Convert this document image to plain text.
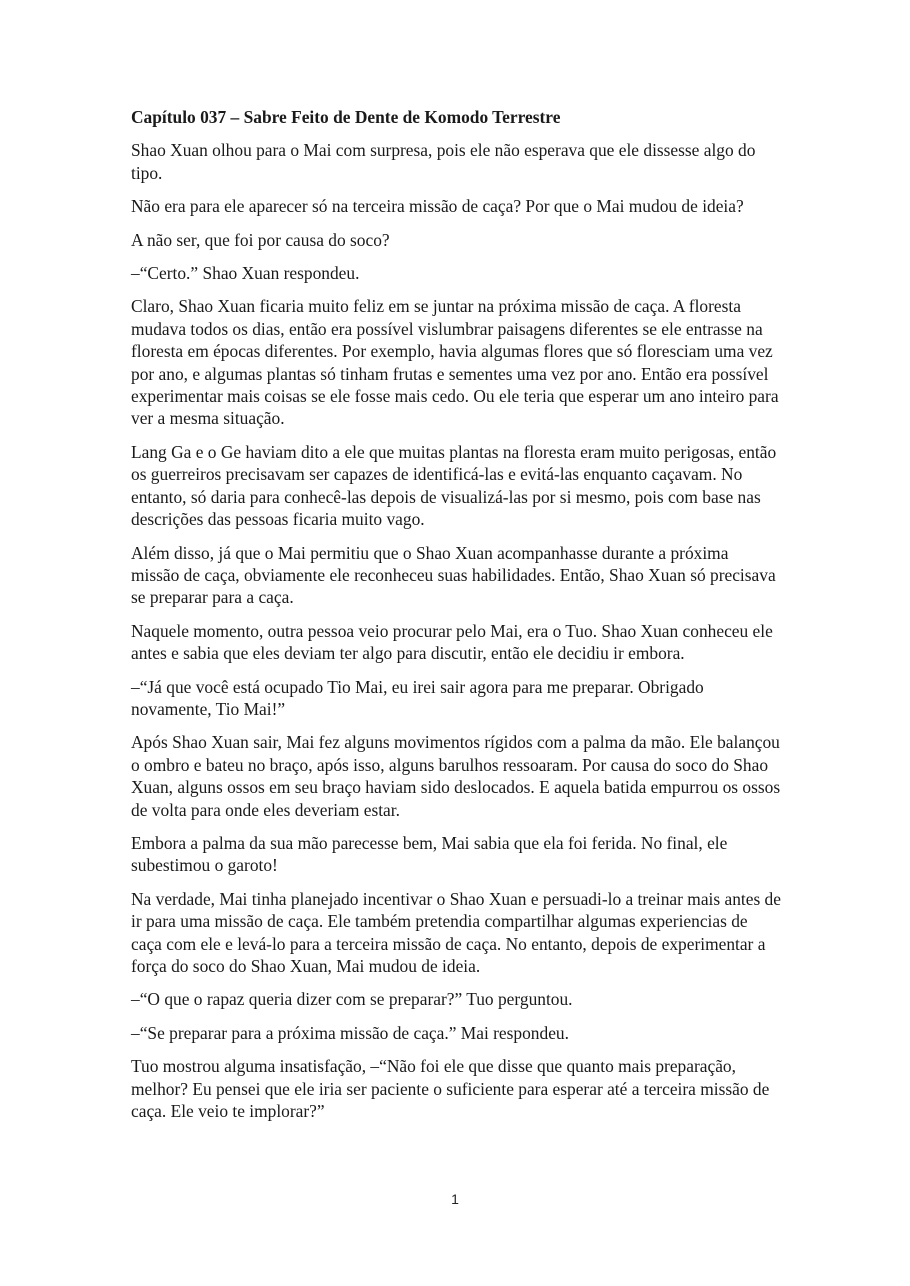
Capítulo 037 – Sabre Feito de Dente de Komodo Terrestre

Shao Xuan olhou para o Mai com surpresa, pois ele não esperava que ele dissesse algo do tipo.

Não era para ele aparecer só na terceira missão de caça? Por que o Mai mudou de ideia?

A não ser, que foi por causa do soco?

–“Certo.” Shao Xuan respondeu.

Claro, Shao Xuan ficaria muito feliz em se juntar na próxima missão de caça. A floresta mudava todos os dias, então era possível vislumbrar paisagens diferentes se ele entrasse na floresta em épocas diferentes. Por exemplo, havia algumas flores que só floresciam uma vez por ano, e algumas plantas só tinham frutas e sementes uma vez por ano. Então era possível experimentar mais coisas se ele fosse mais cedo. Ou ele teria que esperar um ano inteiro para ver a mesma situação.

Lang Ga e o Ge haviam dito a ele que muitas plantas na floresta eram muito perigosas, então os guerreiros precisavam ser capazes de identificá-las e evitá-las enquanto caçavam. No entanto, só daria para conhecê-las depois de visualizá-las por si mesmo, pois com base nas descrições das pessoas ficaria muito vago.

Além disso, já que o Mai permitiu que o Shao Xuan acompanhasse durante a próxima missão de caça, obviamente ele reconheceu suas habilidades. Então, Shao Xuan só precisava se preparar para a caça.

Naquele momento, outra pessoa veio procurar pelo Mai, era o Tuo. Shao Xuan conheceu ele antes e sabia que eles deviam ter algo para discutir, então ele decidiu ir embora.

–“Já que você está ocupado Tio Mai, eu irei sair agora para me preparar. Obrigado novamente, Tio Mai!”

Após Shao Xuan sair, Mai fez alguns movimentos rígidos com a palma da mão. Ele balançou o ombro e bateu no braço, após isso, alguns barulhos ressoaram. Por causa do soco do Shao Xuan, alguns ossos em seu braço haviam sido deslocados. E aquela batida empurrou os ossos de volta para onde eles deveriam estar.

Embora a palma da sua mão parecesse bem, Mai sabia que ela foi ferida. No final, ele subestimou o garoto!

Na verdade, Mai tinha planejado incentivar o Shao Xuan e persuadi-lo a treinar mais antes de ir para uma missão de caça. Ele também pretendia compartilhar algumas experiencias de caça com ele e levá-lo para a terceira missão de caça. No entanto, depois de experimentar a força do soco do Shao Xuan, Mai mudou de ideia.

–“O que o rapaz queria dizer com se preparar?” Tuo perguntou.

–“Se preparar para a próxima missão de caça.” Mai respondeu.

Tuo mostrou alguma insatisfação, –“Não foi ele que disse que quanto mais preparação, melhor? Eu pensei que ele iria ser paciente o suficiente para esperar até a terceira missão de caça. Ele veio te implorar?”

1
